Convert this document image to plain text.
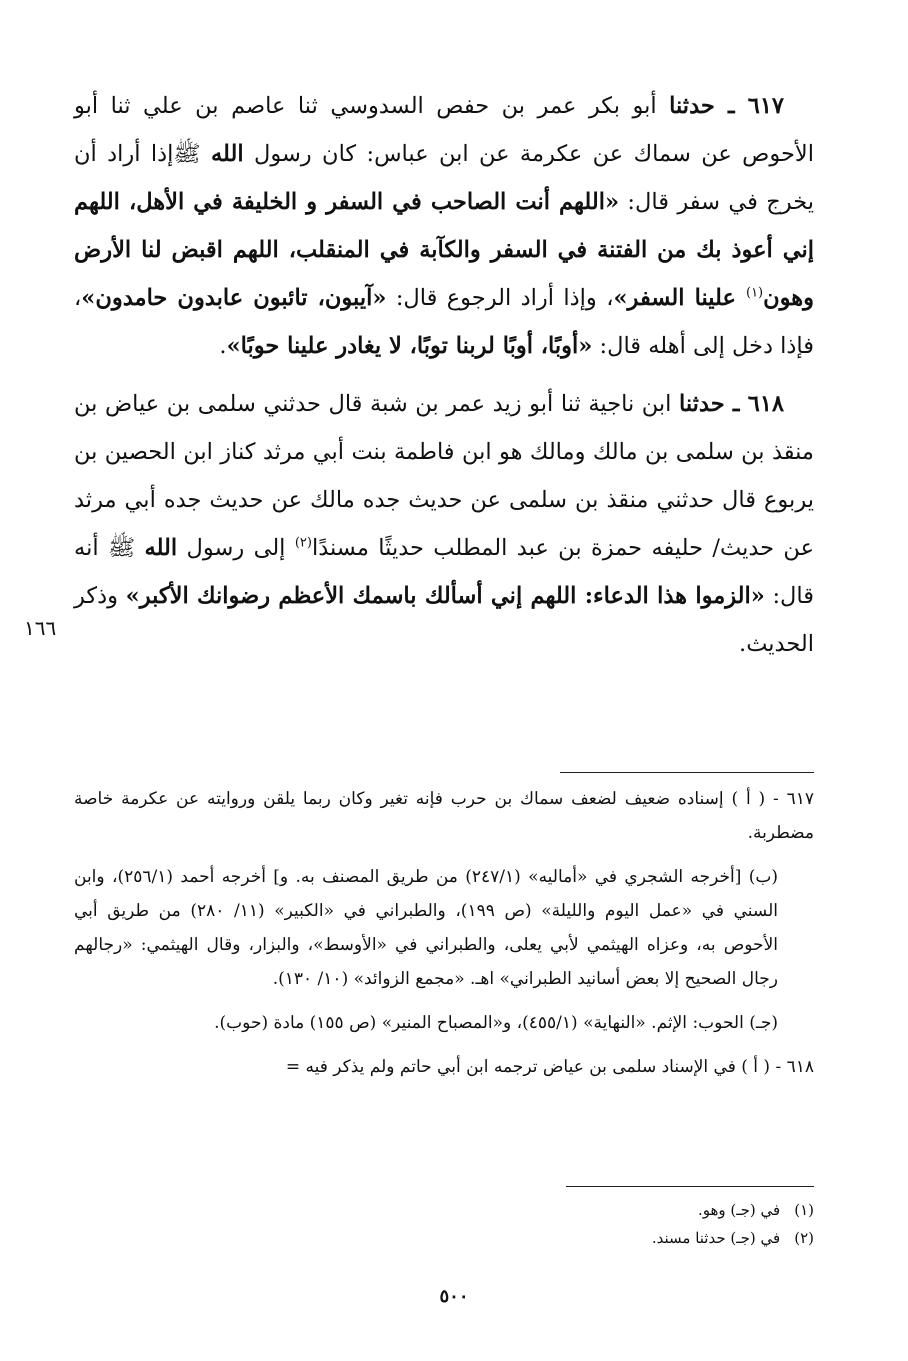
٦١٧ ـ حدثنا أبو بكر عمر بن حفص السدوسي ثنا عاصم بن علي ثنا أبو الأحوص عن سماك عن عكرمة عن ابن عباس: كان رسول الله ﷺإذا أراد أن يخرج في سفر قال: «اللهم أنت الصاحب في السفر و الخليفة في الأهل، اللهم إني أعوذ بك من الفتنة في السفر والكآبة في المنقلب، اللهم اقبض لنا الأرض وهون$^{(١)}$ علينا السفر»، وإذا أراد الرجوع قال: «آيبون، تائبون عابدون حامدون»، فإذا دخل إلى أهله قال: «أوبًا، أوبًا لربنا توبًا، لا يغادر علينا حوبًا».

٦١٨ ـ حدثنا ابن ناجية ثنا أبو زيد عمر بن شبة قال حدثني سلمى بن عياض بن منقذ بن سلمى بن مالك ومالك هو ابن فاطمة بنت أبي مرثد كناز ابن الحصين بن يربوع قال حدثني منقذ بن سلمى عن حديث جده مالك عن حديث جده أبي مرثد عن حديث/ حليفه حمزة بن عبد المطلب حديثًا مسندًا$^{(٢)}$ إلى رسول الله ﷺ أنه قال: «الزموا هذا الدعاء: اللهم إني أسألك باسمك الأعظم رضوانك الأكبر» وذكر الحديث.

١٦٦

٦١٧ - ( أ ) إسناده ضعيف لضعف سماك بن حرب فإنه تغير وكان ربما يلقن وروايته عن عكرمة خاصة مضطربة.

(ب) [أخرجه الشجري في «أماليه» (٢٤٧/١) من طريق المصنف به. و] أخرجه أحمد (٢٥٦/١)، وابن السني في «عمل اليوم والليلة» (ص ١٩٩)، والطبراني في «الكبير» (١١/ ٢٨٠) من طريق أبي الأحوص به، وعزاه الهيثمي لأبي يعلى، والطبراني في «الأوسط»، والبزار، وقال الهيثمي: «رجالهم رجال الصحيح إلا بعض أسانيد الطبراني» اهـ. «مجمع الزوائد» (١٠/ ١٣٠).

(جـ) الحوب: الإثم. «النهاية» (٤٥٥/١)، و«المصباح المنير» (ص ١٥٥) مادة (حوب).

٦١٨ - ( أ ) في الإسناد سلمى بن عياض ترجمه ابن أبي حاتم ولم يذكر فيه =

(١)
في (جـ) وهو.
(٢)
في (جـ) حدثنا مسند.
٥٠٠
